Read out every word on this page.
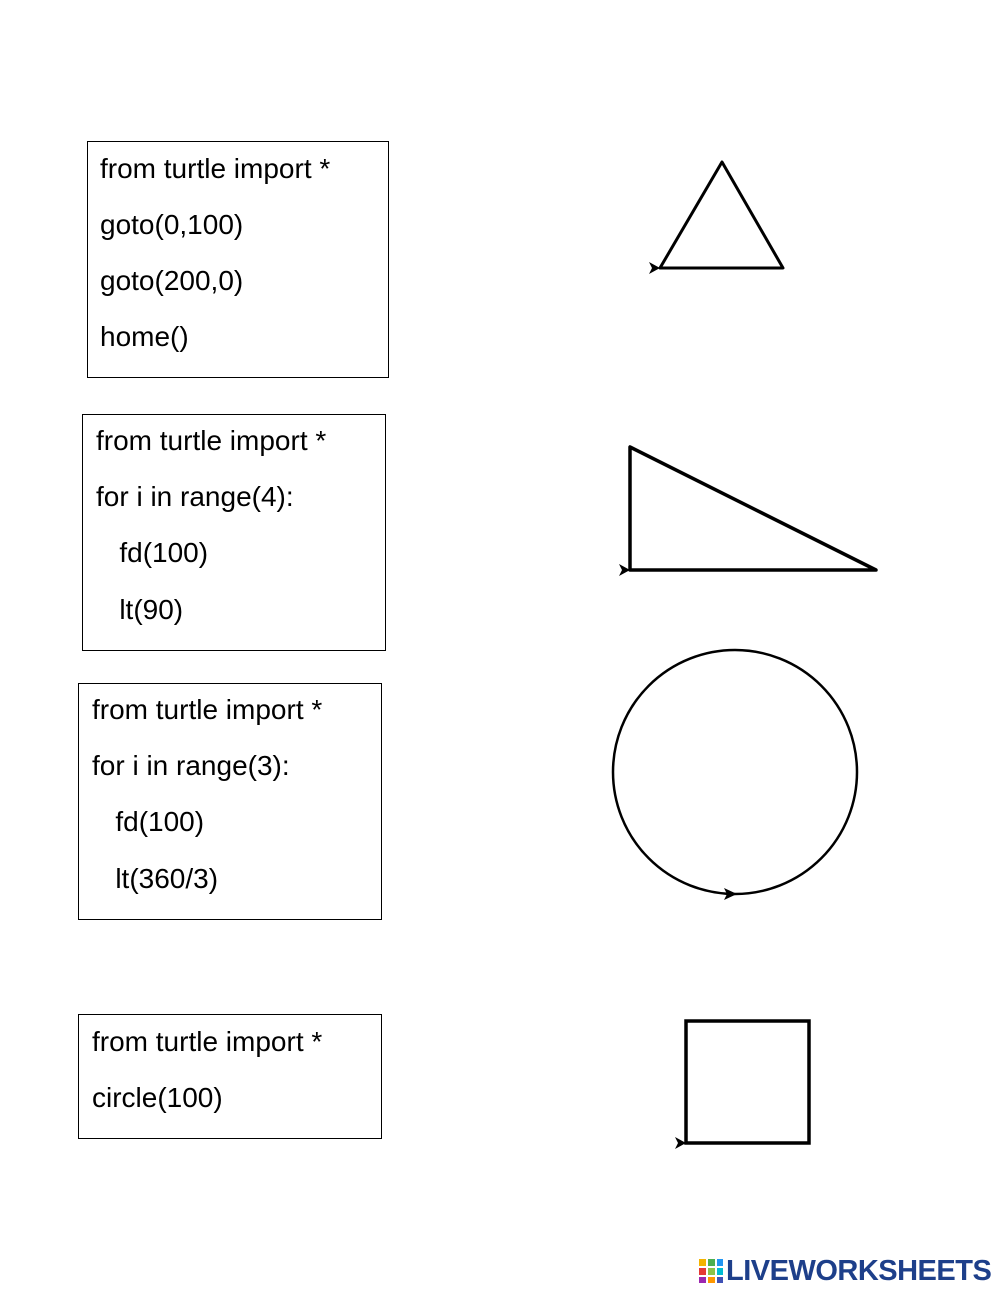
from turtle import *
goto(0,100)
goto(200,0)
home()
from turtle import *
for i in range(4):
fd(100)
lt(90)
from turtle import *
for i in range(3):
fd(100)
lt(360/3)
from turtle import *
circle(100)
LIVEWORKSHEETS
